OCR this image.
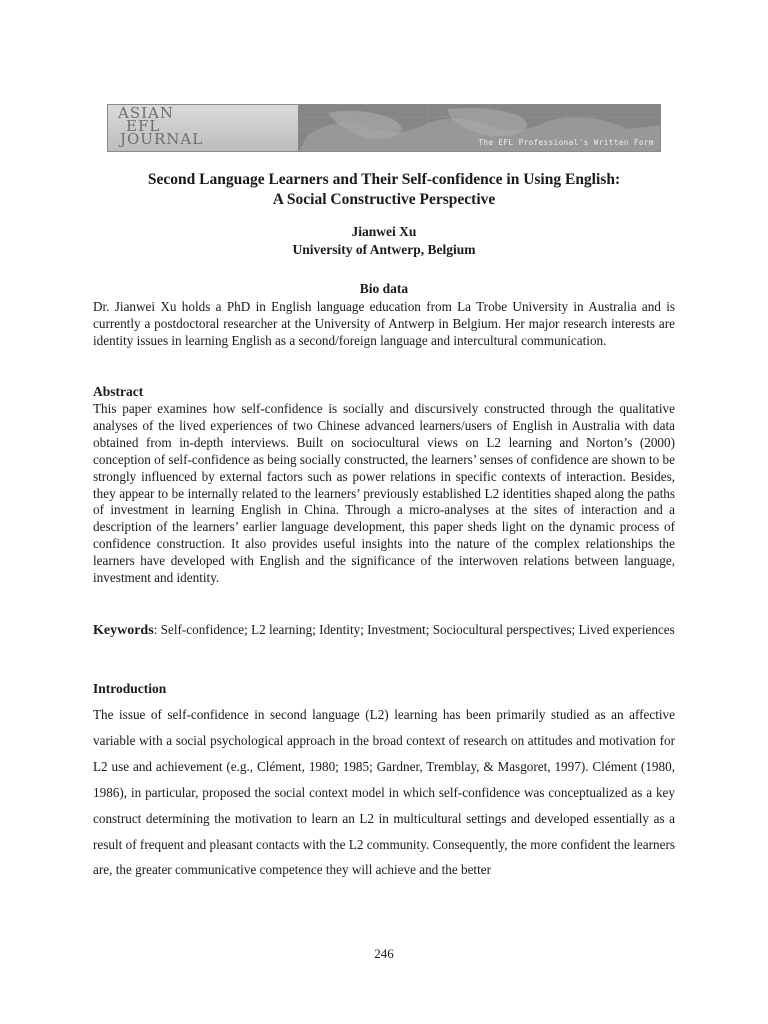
ASIAN
EFL
JOURNAL	The EFL Professional's Written Form
Second Language Learners and Their Self-confidence in Using English:
A Social Constructive Perspective
Jianwei Xu
University of Antwerp, Belgium
Bio data
Dr. Jianwei Xu holds a PhD in English language education from La Trobe University in Australia and is currently a postdoctoral researcher at the University of Antwerp in Belgium. Her major research interests are identity issues in learning English as a second/foreign language and intercultural communication.
Abstract
This paper examines how self-confidence is socially and discursively constructed through the qualitative analyses of the lived experiences of two Chinese advanced learners/users of English in Australia with data obtained from in-depth interviews. Built on sociocultural views on L2 learning and Norton’s (2000) conception of self-confidence as being socially constructed, the learners’ senses of confidence are shown to be strongly influenced by external factors such as power relations in specific contexts of interaction. Besides, they appear to be internally related to the learners’ previously established L2 identities shaped along the paths of investment in learning English in China. Through a micro-analyses at the sites of interaction and a description of the learners’ earlier language development, this paper sheds light on the dynamic process of confidence construction. It also provides useful insights into the nature of the complex relationships the learners have developed with English and the significance of the interwoven relations between language, investment and identity.
Keywords: Self-confidence; L2 learning; Identity; Investment; Sociocultural perspectives; Lived experiences
Introduction
The issue of self-confidence in second language (L2) learning has been primarily studied as an affective variable with a social psychological approach in the broad context of research on attitudes and motivation for L2 use and achievement (e.g., Clément, 1980; 1985; Gardner, Tremblay, & Masgoret, 1997). Clément (1980, 1986), in particular, proposed the social context model in which self-confidence was conceptualized as a key construct determining the motivation to learn an L2 in multicultural settings and developed essentially as a result of frequent and pleasant contacts with the L2 community. Consequently, the more confident the learners are, the greater communicative competence they will achieve and the better
246
